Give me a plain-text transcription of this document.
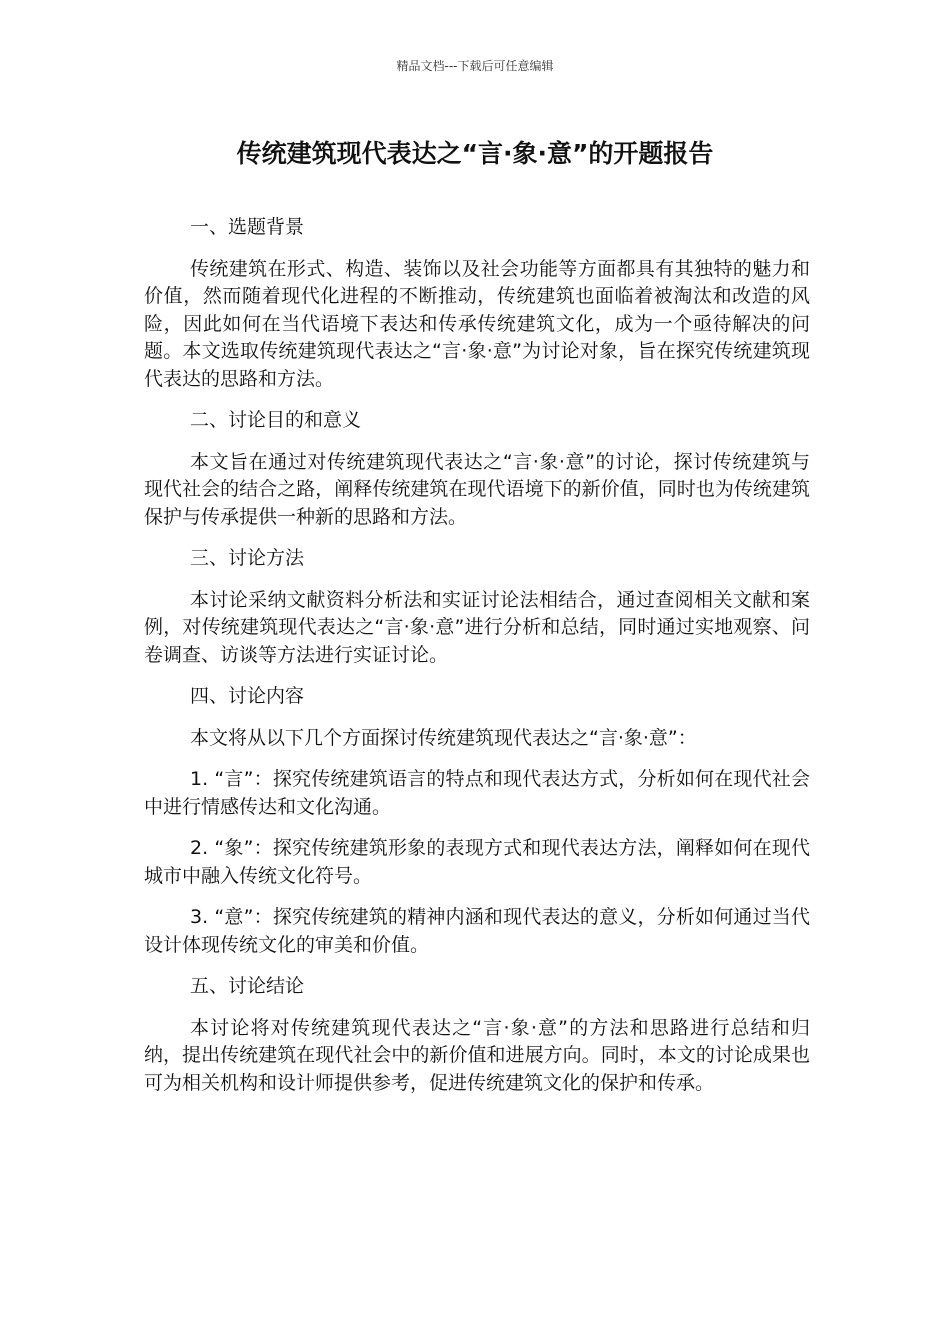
精品文档---下载后可任意编辑
传统建筑现代表达之“言·象·意”的开题报告

一、选题背景

传统建筑在形式、构造、装饰以及社会功能等方面都具有其独特的魅力和价值，然而随着现代化进程的不断推动，传统建筑也面临着被淘汰和改造的风险，因此如何在当代语境下表达和传承传统建筑文化，成为一个亟待解决的问题。本文选取传统建筑现代表达之“言·象·意”为讨论对象，旨在探究传统建筑现代表达的思路和方法。

二、讨论目的和意义

本文旨在通过对传统建筑现代表达之“言·象·意”的讨论，探讨传统建筑与现代社会的结合之路，阐释传统建筑在现代语境下的新价值，同时也为传统建筑保护与传承提供一种新的思路和方法。

三、讨论方法

本讨论采纳文献资料分析法和实证讨论法相结合，通过查阅相关文献和案例，对传统建筑现代表达之“言·象·意”进行分析和总结，同时通过实地观察、问卷调查、访谈等方法进行实证讨论。

四、讨论内容

本文将从以下几个方面探讨传统建筑现代表达之“言·象·意”：

1. “言”：探究传统建筑语言的特点和现代表达方式，分析如何在现代社会中进行情感传达和文化沟通。

2. “象”：探究传统建筑形象的表现方式和现代表达方法，阐释如何在现代城市中融入传统文化符号。

3. “意”：探究传统建筑的精神内涵和现代表达的意义，分析如何通过当代设计体现传统文化的审美和价值。

五、讨论结论

本讨论将对传统建筑现代表达之“言·象·意”的方法和思路进行总结和归纳，提出传统建筑在现代社会中的新价值和进展方向。同时，本文的讨论成果也可为相关机构和设计师提供参考，促进传统建筑文化的保护和传承。
